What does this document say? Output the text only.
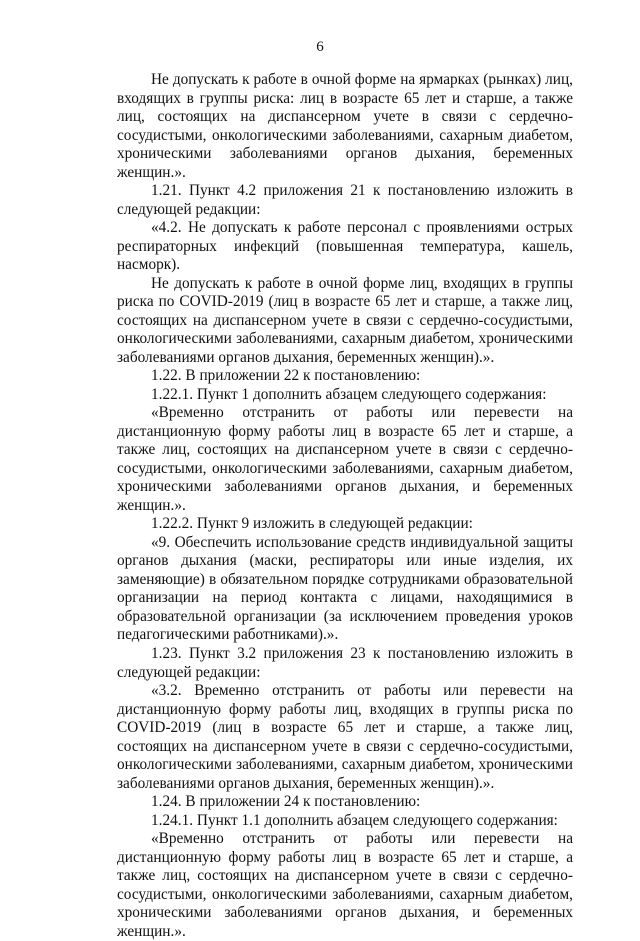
6

Не допускать к работе в очной форме на ярмарках (рынках) лиц, входящих в группы риска: лиц в возрасте 65 лет и старше, а также лиц, состоящих на диспансерном учете в связи с сердечно-сосудистыми, онкологическими заболеваниями, сахарным диабетом, хроническими заболеваниями органов дыхания, беременных женщин.».

1.21. Пункт 4.2 приложения 21 к постановлению изложить в следующей редакции:

«4.2. Не допускать к работе персонал с проявлениями острых респираторных инфекций (повышенная температура, кашель, насморк).

Не допускать к работе в очной форме лиц, входящих в группы риска по COVID-2019 (лиц в возрасте 65 лет и старше, а также лиц, состоящих на диспансерном учете в связи с сердечно-сосудистыми, онкологическими заболеваниями, сахарным диабетом, хроническими заболеваниями органов дыхания, беременных женщин).».

1.22. В приложении 22 к постановлению:

1.22.1. Пункт 1 дополнить абзацем следующего содержания:

«Временно отстранить от работы или перевести на дистанционную форму работы лиц в возрасте 65 лет и старше, а также лиц, состоящих на диспансерном учете в связи с сердечно-сосудистыми, онкологическими заболеваниями, сахарным диабетом, хроническими заболеваниями органов дыхания, и беременных женщин.».

1.22.2. Пункт 9 изложить в следующей редакции:

«9. Обеспечить использование средств индивидуальной защиты органов дыхания (маски, респираторы или иные изделия, их заменяющие) в обязательном порядке сотрудниками образовательной организации на период контакта с лицами, находящимися в образовательной организации (за исключением проведения уроков педагогическими работниками).».

1.23. Пункт 3.2 приложения 23 к постановлению изложить в следующей редакции:

«3.2. Временно отстранить от работы или перевести на дистанционную форму работы лиц, входящих в группы риска по COVID-2019 (лиц в возрасте 65 лет и старше, а также лиц, состоящих на диспансерном учете в связи с сердечно-сосудистыми, онкологическими заболеваниями, сахарным диабетом, хроническими заболеваниями органов дыхания, беременных женщин).».

1.24. В приложении 24 к постановлению:

1.24.1. Пункт 1.1 дополнить абзацем следующего содержания:

«Временно отстранить от работы или перевести на дистанционную форму работы лиц в возрасте 65 лет и старше, а также лиц, состоящих на диспансерном учете в связи с сердечно-сосудистыми, онкологическими заболеваниями, сахарным диабетом, хроническими заболеваниями органов дыхания, и беременных женщин.».
